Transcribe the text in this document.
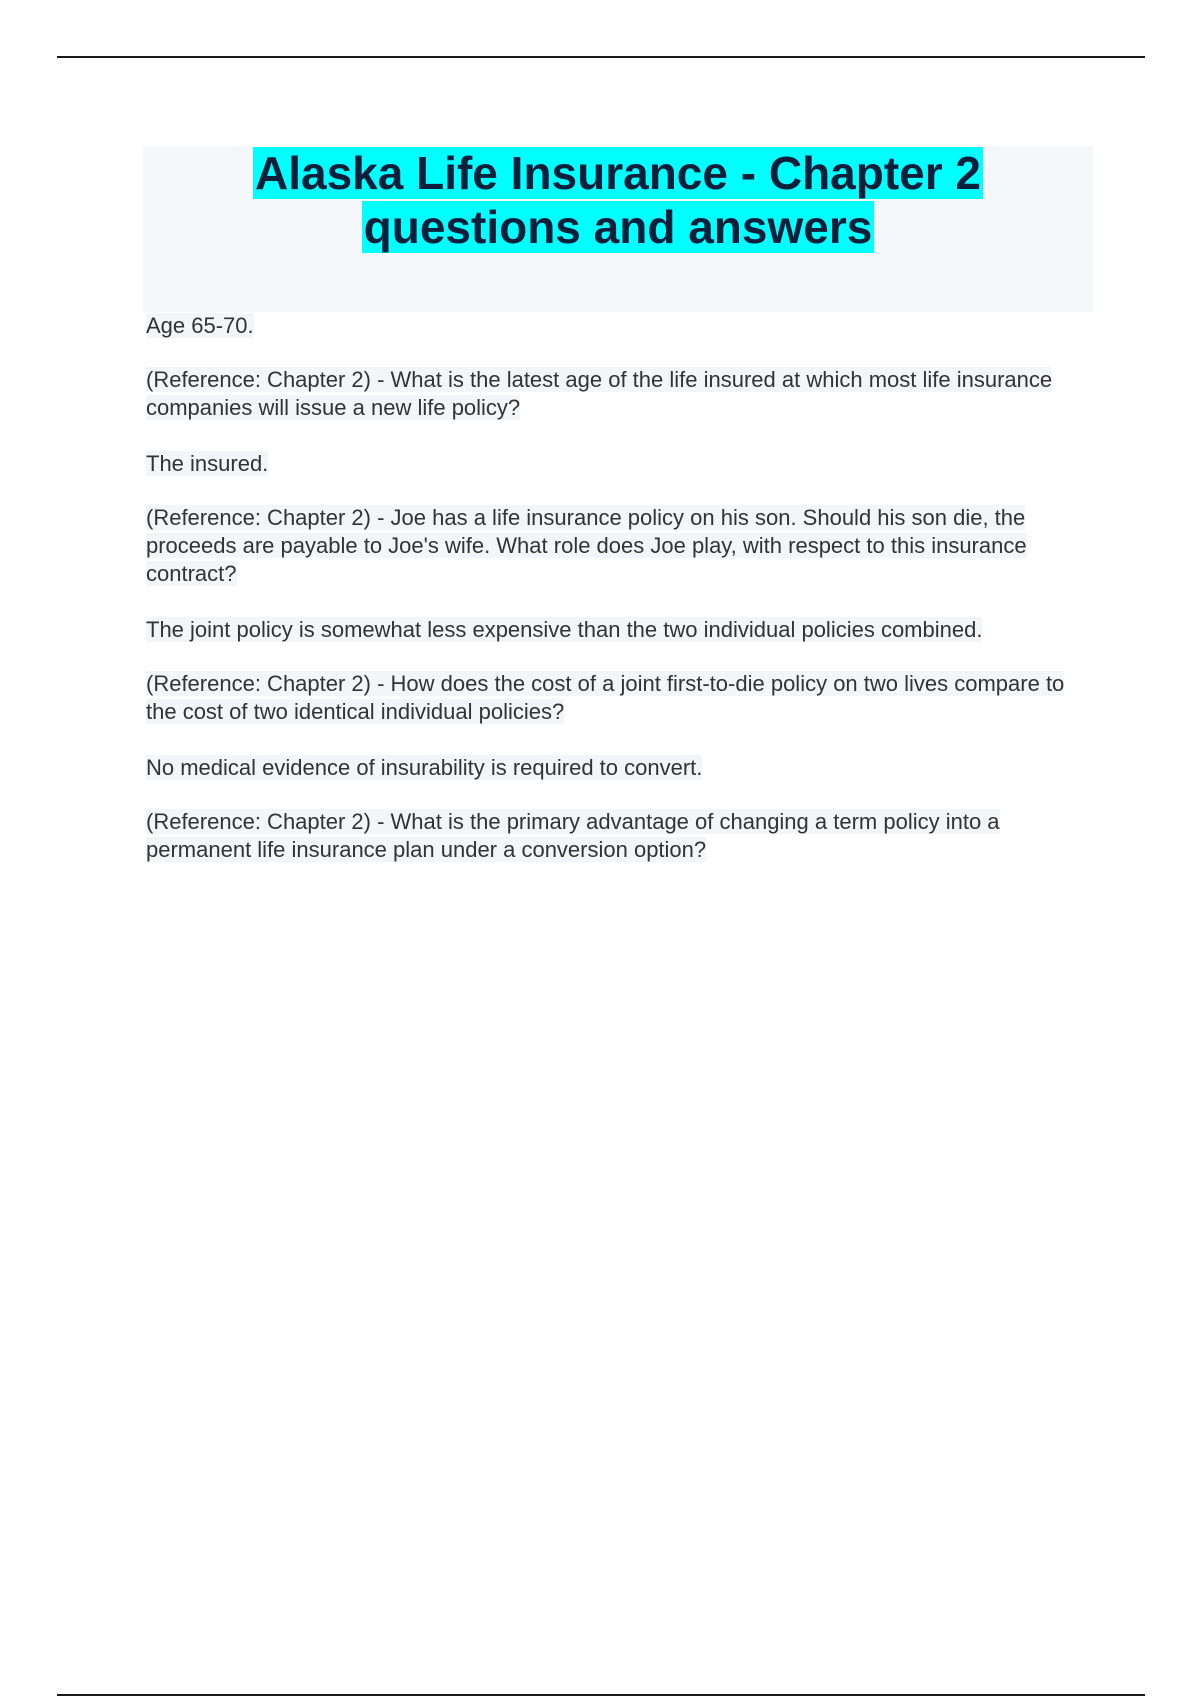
Alaska Life Insurance - Chapter 2
questions and answers

Age 65-70.

(Reference: Chapter 2) - What is the latest age of the life insured at which most life insurance companies will issue a new life policy?

The insured.

(Reference: Chapter 2) - Joe has a life insurance policy on his son. Should his son die, the proceeds are payable to Joe's wife. What role does Joe play, with respect to this insurance contract?

The joint policy is somewhat less expensive than the two individual policies combined.

(Reference: Chapter 2) - How does the cost of a joint first-to-die policy on two lives compare to the cost of two identical individual policies?

No medical evidence of insurability is required to convert.

(Reference: Chapter 2) - What is the primary advantage of changing a term policy into a permanent life insurance plan under a conversion option?
